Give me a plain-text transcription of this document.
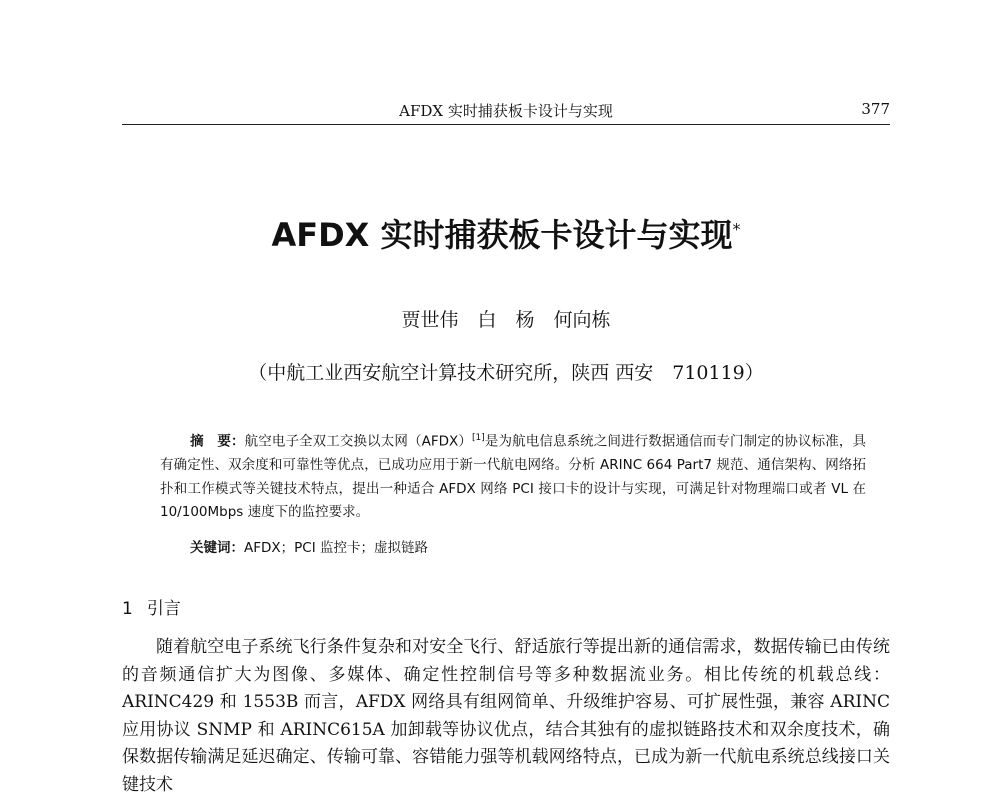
AFDX 实时捕获板卡设计与实现	377
AFDX 实时捕获板卡设计与实现*
贾世伟　白　杨　何向栋
（中航工业西安航空计算技术研究所，陕西 西安　710119）
摘　要：航空电子全双工交换以太网（AFDX）[1]是为航电信息系统之间进行数据通信而专门制定的协议标准，具有确定性、双余度和可靠性等优点，已成功应用于新一代航电网络。分析 ARINC 664 Part7 规范、通信架构、网络拓扑和工作模式等关键技术特点，提出一种适合 AFDX 网络 PCI 接口卡的设计与实现，可满足针对物理端口或者 VL 在 10/100Mbps 速度下的监控要求。
关键词：AFDX；PCI 监控卡；虚拟链路
1 引言
随着航空电子系统飞行条件复杂和对安全飞行、舒适旅行等提出新的通信需求，数据传输已由传统的音频通信扩大为图像、多媒体、确定性控制信号等多种数据流业务。相比传统的机载总线：ARINC429 和 1553B 而言，AFDX 网络具有组网简单、升级维护容易、可扩展性强，兼容 ARINC 应用协议 SNMP 和 ARINC615A 加卸载等协议优点，结合其独有的虚拟链路技术和双余度技术，确保数据传输满足延迟确定、传输可靠、容错能力强等机载网络特点，已成为新一代航电系统总线接口关键技术
